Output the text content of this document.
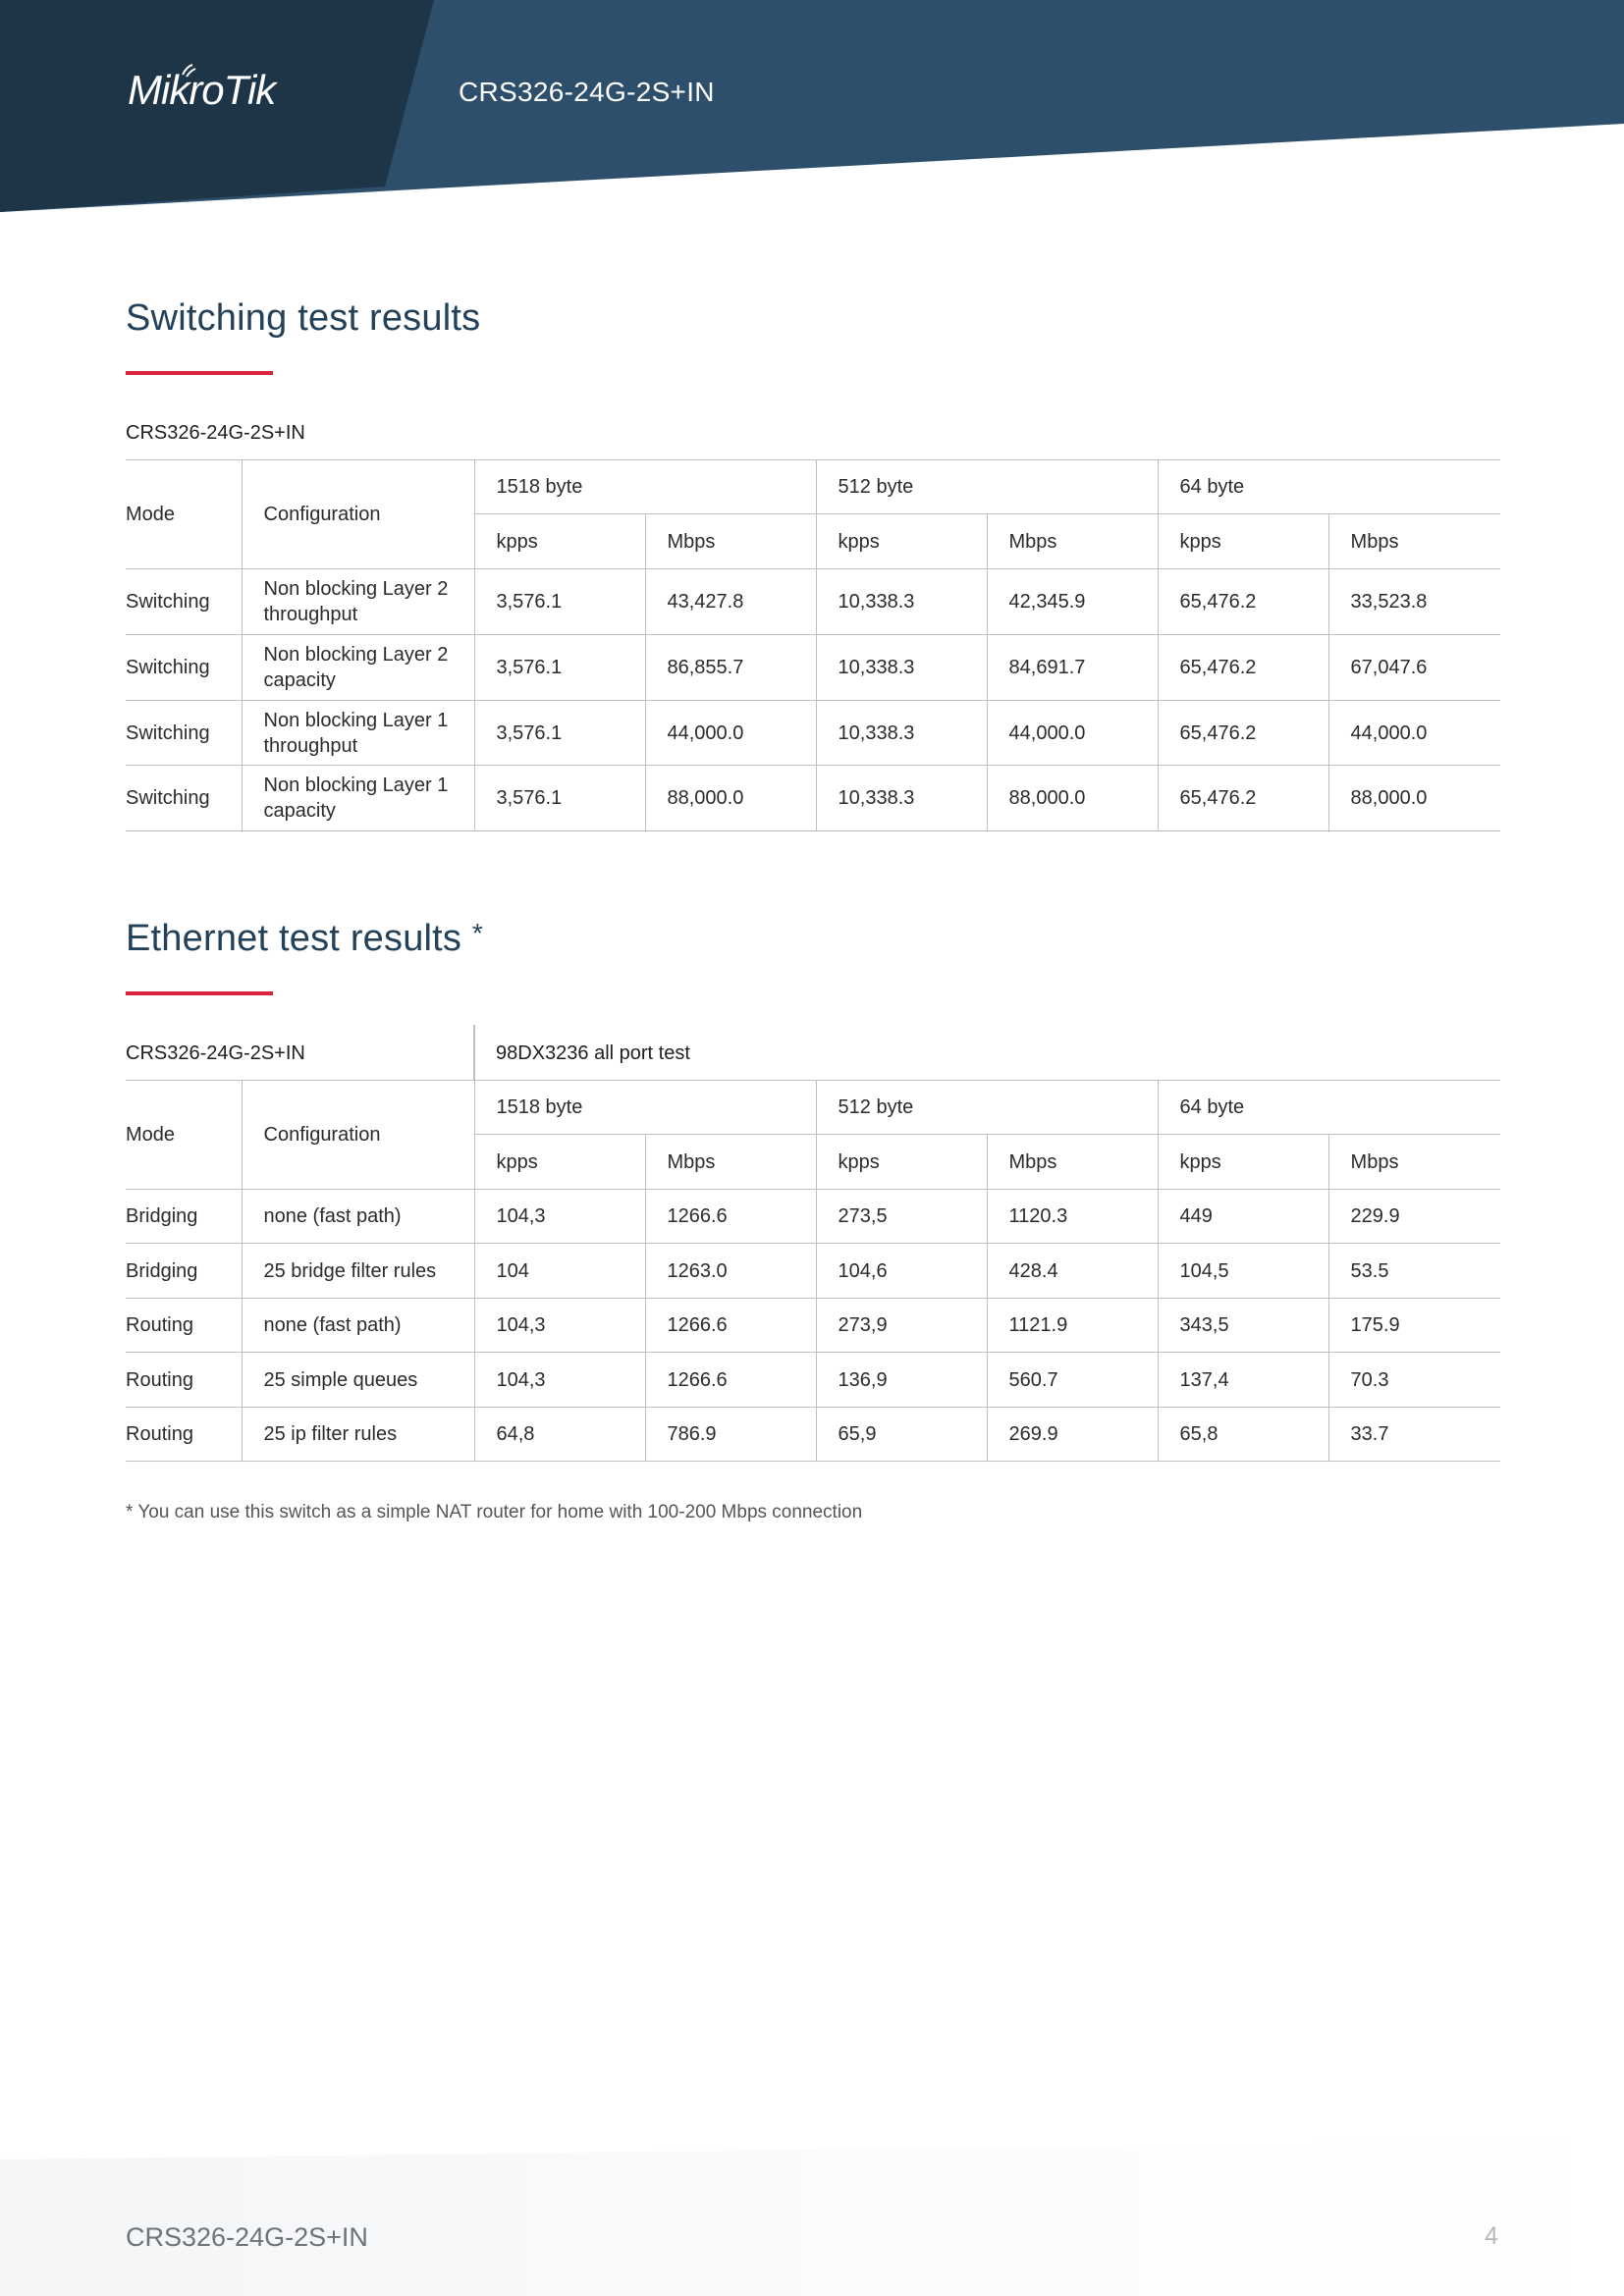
MikroTik	CRS326-24G-2S+IN
Switching test results
CRS326-24G-2S+IN
Mode	Configuration	1518 byte		512 byte		64 byte	
		kpps	Mbps	kpps	Mbps	kpps	Mbps
Switching	Non blocking Layer 2 throughput	3,576.1	43,427.8	10,338.3	42,345.9	65,476.2	33,523.8
Switching	Non blocking Layer 2 capacity	3,576.1	86,855.7	10,338.3	84,691.7	65,476.2	67,047.6
Switching	Non blocking Layer 1 throughput	3,576.1	44,000.0	10,338.3	44,000.0	65,476.2	44,000.0
Switching	Non blocking Layer 1 capacity	3,576.1	88,000.0	10,338.3	88,000.0	65,476.2	88,000.0
Ethernet test results *
CRS326-24G-2S+IN	98DX3236 all port test
Mode	Configuration	1518 byte		512 byte		64 byte	
		kpps	Mbps	kpps	Mbps	kpps	Mbps
Bridging	none (fast path)	104,3	1266.6	273,5	1120.3	449	229.9
Bridging	25 bridge filter rules	104	1263.0	104,6	428.4	104,5	53.5
Routing	none (fast path)	104,3	1266.6	273,9	1121.9	343,5	175.9
Routing	25 simple queues	104,3	1266.6	136,9	560.7	137,4	70.3
Routing	25 ip filter rules	64,8	786.9	65,9	269.9	65,8	33.7
* You can use this switch as a simple NAT router for home with 100-200 Mbps connection
CRS326-24G-2S+IN	4
